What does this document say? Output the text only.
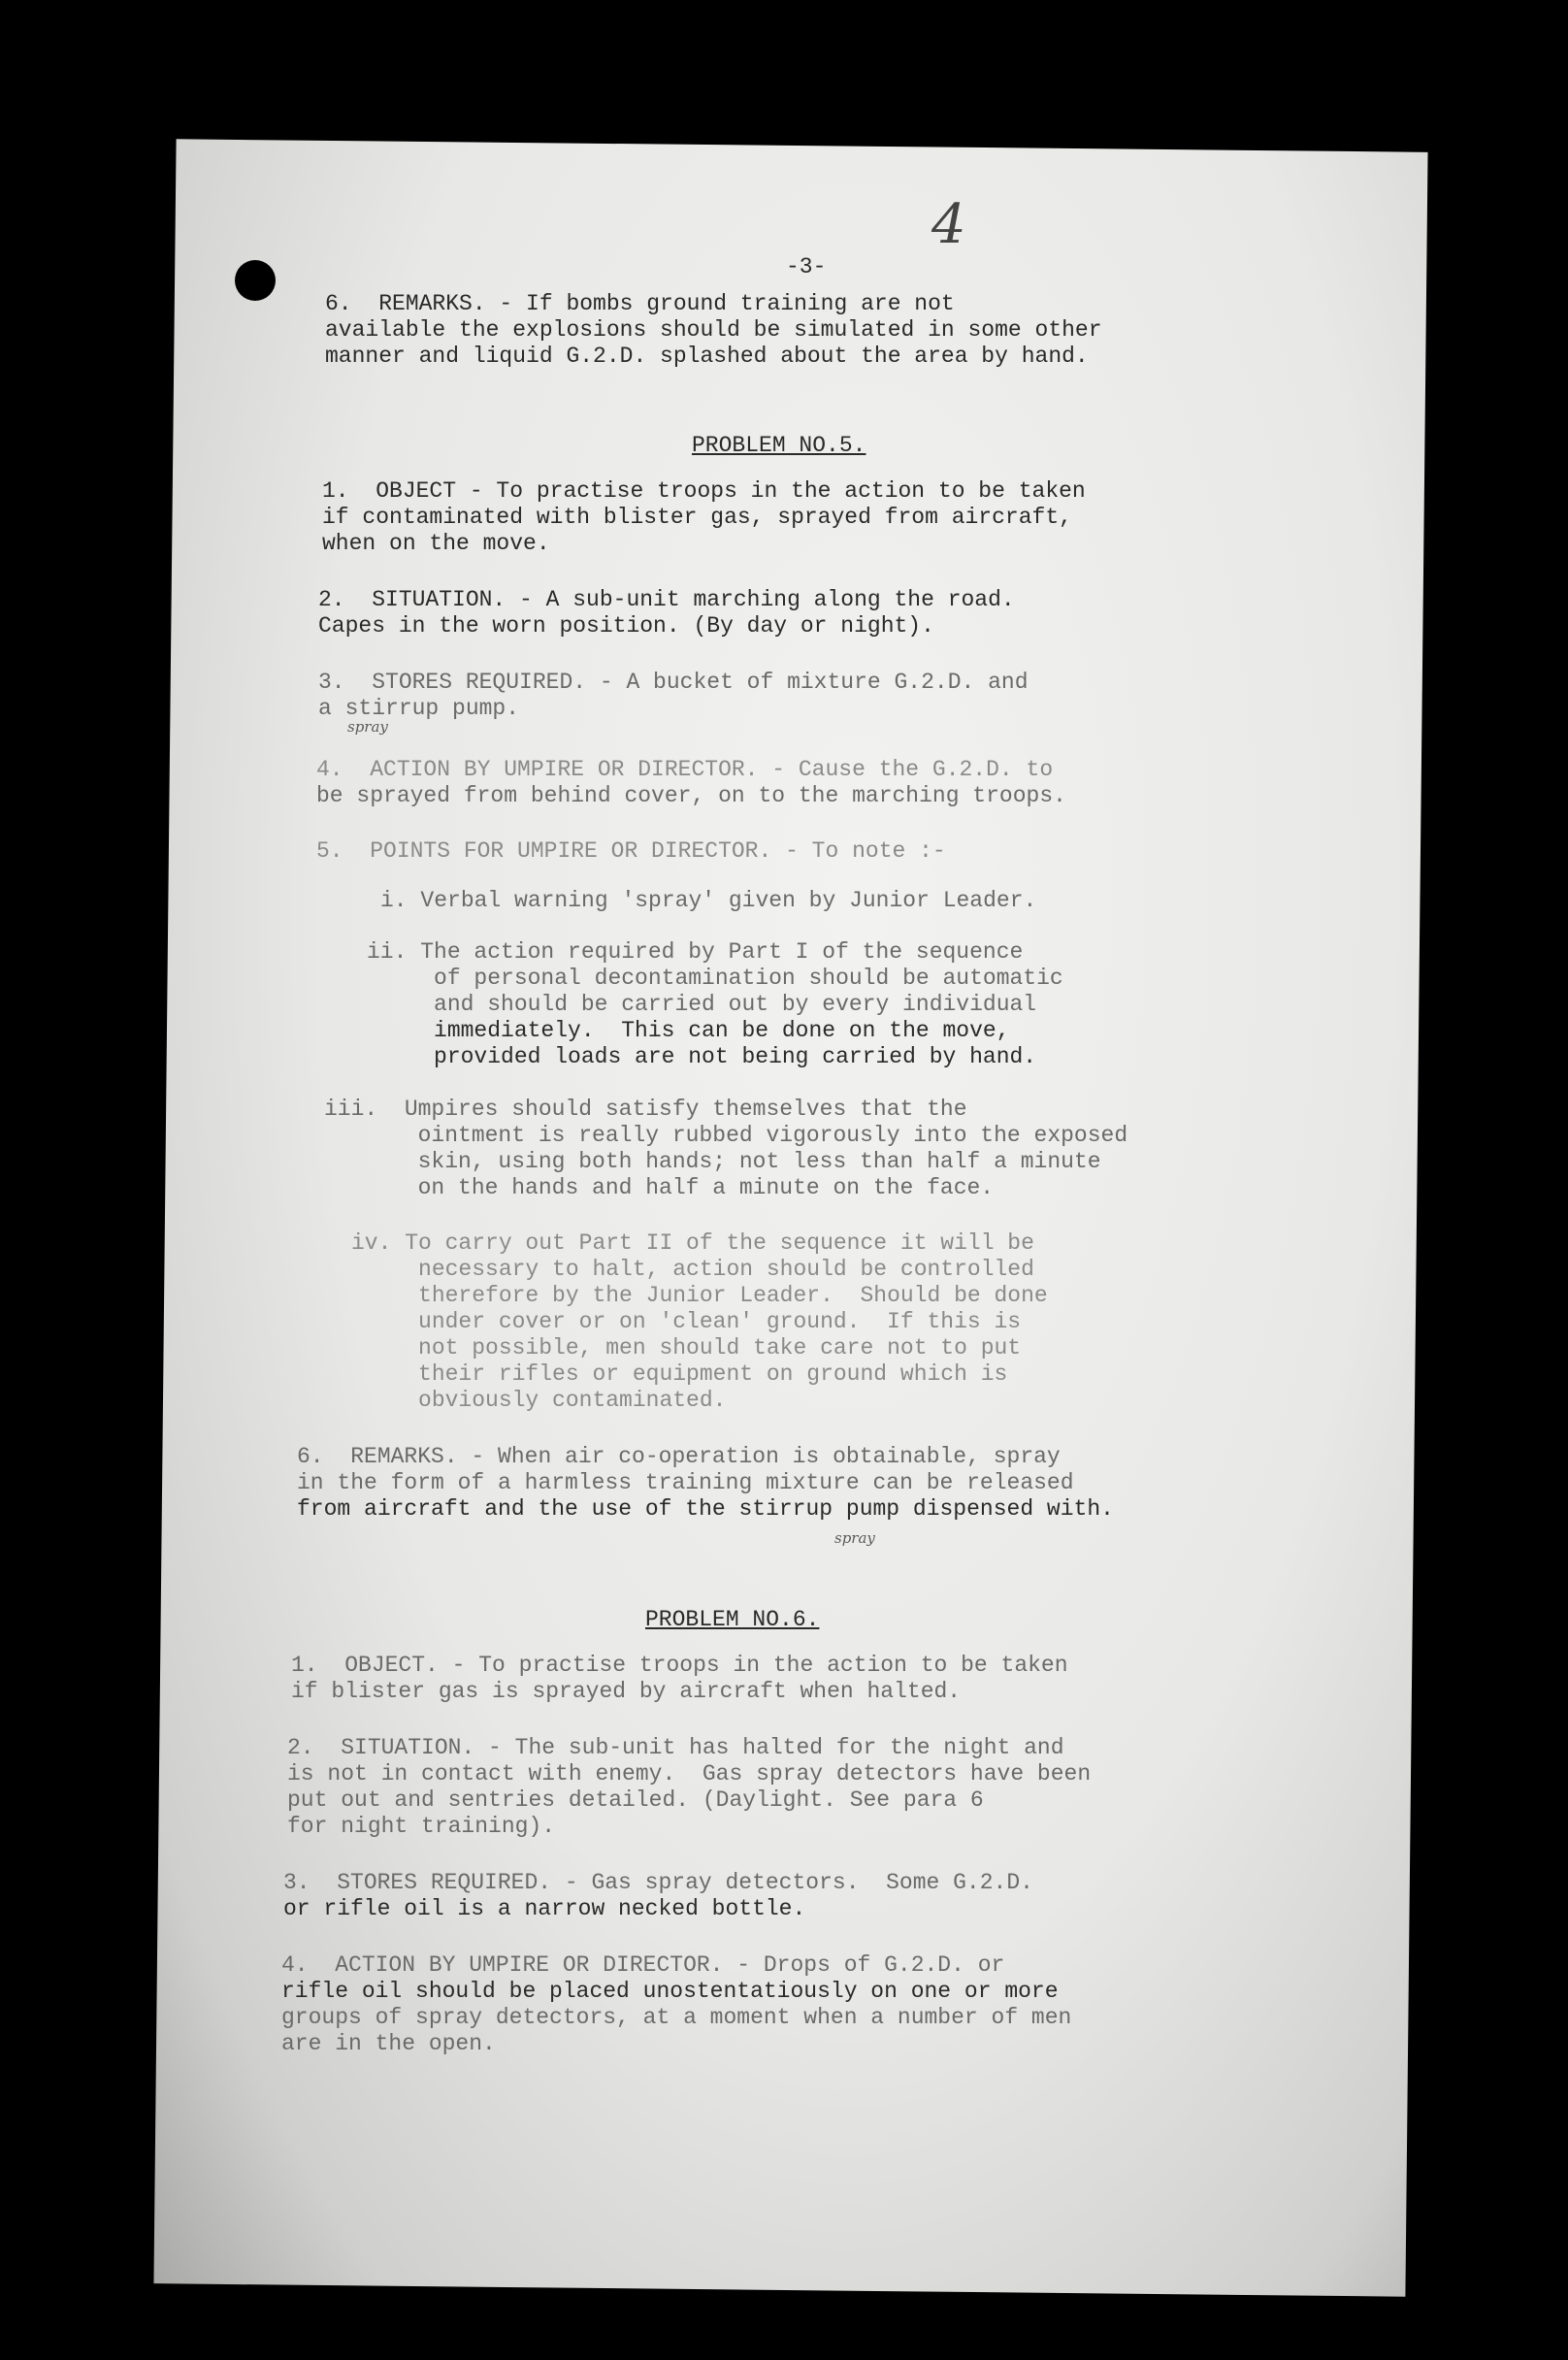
-3-
4
6.  REMARKS. - If bombs ground training are not
available the explosions should be simulated in some other
manner and liquid G.2.D. splashed about the area by hand.
PROBLEM NO.5.
1.  OBJECT - To practise troops in the action to be taken
if contaminated with blister gas, sprayed from aircraft,
when on the move.
2.  SITUATION. - A sub-unit marching along the road.
Capes in the worn position. (By day or night).
3.  STORES REQUIRED. - A bucket of mixture G.2.D. and
a stirrup pump.
spray
4.  ACTION BY UMPIRE OR DIRECTOR. - Cause the G.2.D. to
be sprayed from behind cover, on to the marching troops.
5.  POINTS FOR UMPIRE OR DIRECTOR. - To note :-
i. Verbal warning 'spray' given by Junior Leader.
ii. The action required by Part I of the sequence
of personal decontamination should be automatic
and should be carried out by every individual
immediately.  This can be done on the move,
provided loads are not being carried by hand.
iii.  Umpires should satisfy themselves that the
ointment is really rubbed vigorously into the exposed
skin, using both hands; not less than half a minute
on the hands and half a minute on the face.
iv. To carry out Part II of the sequence it will be
necessary to halt, action should be controlled
therefore by the Junior Leader.  Should be done
under cover or on 'clean' ground.  If this is
not possible, men should take care not to put
their rifles or equipment on ground which is
obviously contaminated.
6.  REMARKS. - When air co-operation is obtainable, spray
in the form of a harmless training mixture can be released
from aircraft and the use of the stirrup pump dispensed with.
spray
PROBLEM NO.6.
1.  OBJECT. - To practise troops in the action to be taken
if blister gas is sprayed by aircraft when halted.
2.  SITUATION. - The sub-unit has halted for the night and
is not in contact with enemy.  Gas spray detectors have been
put out and sentries detailed. (Daylight. See para 6
for night training).
3.  STORES REQUIRED. - Gas spray detectors.  Some G.2.D.
or rifle oil is a narrow necked bottle.
4.  ACTION BY UMPIRE OR DIRECTOR. - Drops of G.2.D. or
rifle oil should be placed unostentatiously on one or more
groups of spray detectors, at a moment when a number of men
are in the open.
